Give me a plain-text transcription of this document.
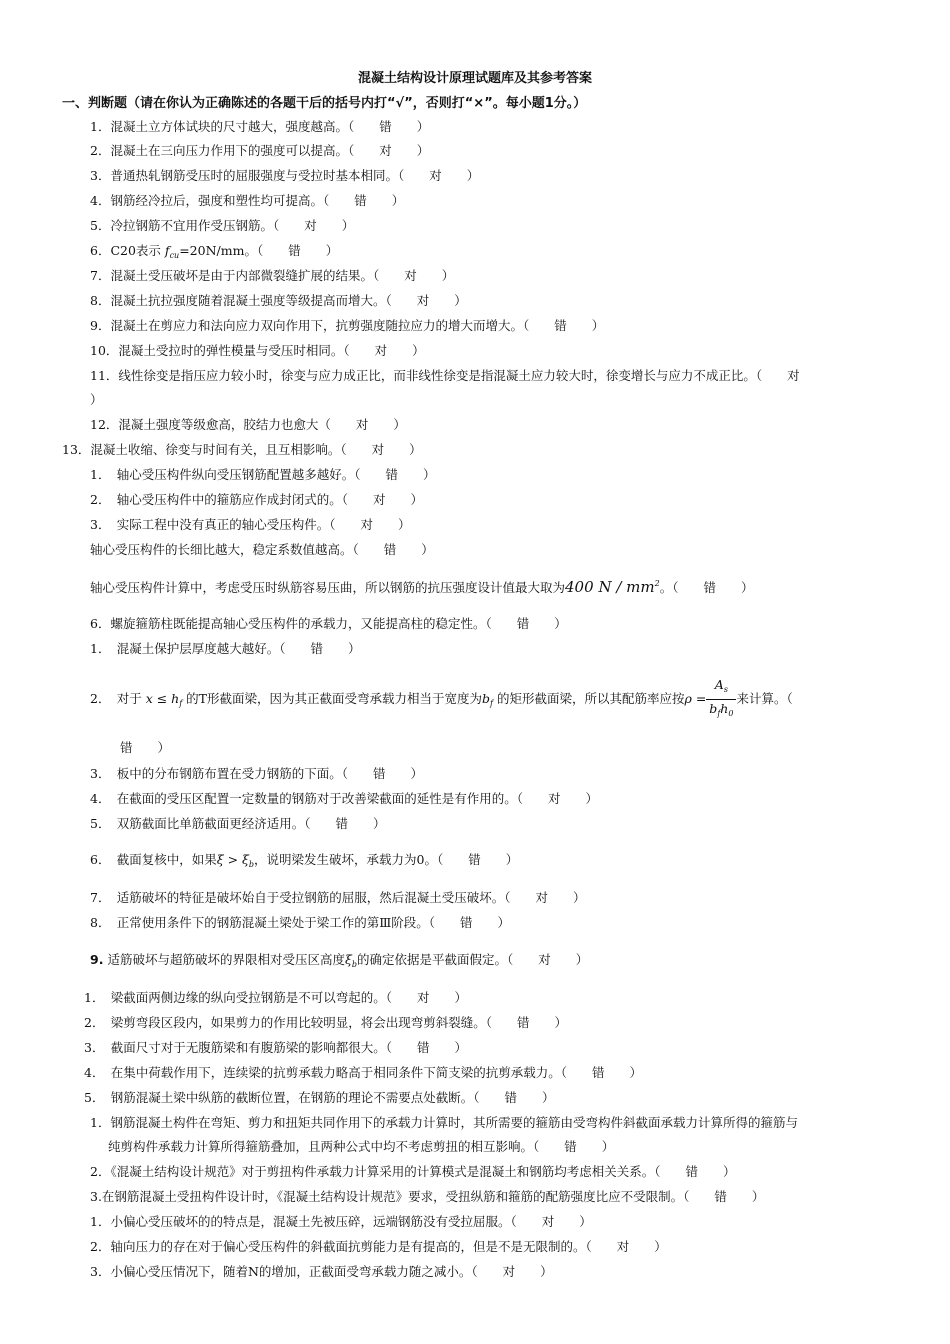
混凝土结构设计原理试题库及其参考答案
一、判断题（请在你认为正确陈述的各题干后的括号内打“√”，否则打“×”。每小题1分。）
1．混凝土立方体试块的尺寸越大，强度越高。（　　错　　）
2．混凝土在三向压力作用下的强度可以提高。（　　对　　）
3．普通热轧钢筋受压时的屈服强度与受拉时基本相同。（　　对　　）
4．钢筋经冷拉后，强度和塑性均可提高。（　　错　　）
5．冷拉钢筋不宜用作受压钢筋。（　　对　　）
6．C20表示 $f_{cu}=20N/mm$。（　　错　　）
7．混凝土受压破坏是由于内部微裂缝扩展的结果。（　　对　　）
8．混凝土抗拉强度随着混凝土强度等级提高而增大。（　　对　　）
9．混凝土在剪应力和法向应力双向作用下，抗剪强度随拉应力的增大而增大。（　　错　　）
10．混凝土受拉时的弹性模量与受压时相同。（　　对　　）
11．线性徐变是指压应力较小时，徐变与应力成正比，而非线性徐变是指混凝土应力较大时，徐变增长与应力不成正比。（　　对
）
12．混凝土强度等级愈高，胶结力也愈大（　　对　　）
13．混凝土收缩、徐变与时间有关，且互相影响。（　　对　　）
1．　轴心受压构件纵向受压钢筋配置越多越好。（　　错　　）
2．　轴心受压构件中的箍筋应作成封闭式的。（　　对　　）
3．　实际工程中没有真正的轴心受压构件。（　　对　　）
轴心受压构件的长细比越大，稳定系数值越高。（　　错　　）
轴心受压构件计算中，考虑受压时纵筋容易压曲，所以钢筋的抗压强度设计值最大取为400 N / $mm^2$。（　　错　　）
6．螺旋箍筋柱既能提高轴心受压构件的承载力，又能提高柱的稳定性。（　　错　　）
1．　混凝土保护层厚度越大越好。（　　错　　）
2．　对于 $x \le h_f$ 的T形截面梁，因为其正截面受弯承载力相当于宽度为$b_f$ 的矩形截面梁，所以其配筋率应按$\rho = \frac{A_s}{b_fh_0}$ 来计算。（
错　　）
3．　板中的分布钢筋布置在受力钢筋的下面。（　　错　　）
4．　在截面的受压区配置一定数量的钢筋对于改善梁截面的延性是有作用的。（　　对　　）
5．　双筋截面比单筋截面更经济适用。（　　错　　）
6．　截面复核中，如果$\xi > \xi_b$，说明梁发生破坏，承载力为0。（　　错　　）
7．　适筋破坏的特征是破坏始自于受拉钢筋的屈服，然后混凝土受压破坏。（　　对　　）
8．　正常使用条件下的钢筋混凝土梁处于梁工作的第Ⅲ阶段。（　　错　　）
9. 适筋破坏与超筋破坏的界限相对受压区高度$\xi_b$的确定依据是平截面假定。（　　对　　）
1．　梁截面两侧边缘的纵向受拉钢筋是不可以弯起的。（　　对　　）
2．　梁剪弯段区段内，如果剪力的作用比较明显，将会出现弯剪斜裂缝。（　　错　　）
3．　截面尺寸对于无腹筋梁和有腹筋梁的影响都很大。（　　错　　）
4．　在集中荷载作用下，连续梁的抗剪承载力略高于相同条件下简支梁的抗剪承载力。（　　错　　）
5．　钢筋混凝土梁中纵筋的截断位置，在钢筋的理论不需要点处截断。（　　错　　）
1．钢筋混凝土构件在弯矩、剪力和扭矩共同作用下的承载力计算时，其所需要的箍筋由受弯构件斜截面承载力计算所得的箍筋与
纯剪构件承载力计算所得箍筋叠加，且两种公式中均不考虑剪扭的相互影响。（　　错　　）
2．《混凝土结构设计规范》对于剪扭构件承载力计算采用的计算模式是混凝土和钢筋均考虑相关关系。（　　错　　）
3.在钢筋混凝土受扭构件设计时，《混凝土结构设计规范》要求，受扭纵筋和箍筋的配筋强度比应不受限制。（　　错　　）
1．小偏心受压破坏的的特点是，混凝土先被压碎，远端钢筋没有受拉屈服。（　　对　　）
2．轴向压力的存在对于偏心受压构件的斜截面抗剪能力是有提高的，但是不是无限制的。（　　对　　）
3．小偏心受压情况下，随着N的增加，正截面受弯承载力随之减小。（　　对　　）
